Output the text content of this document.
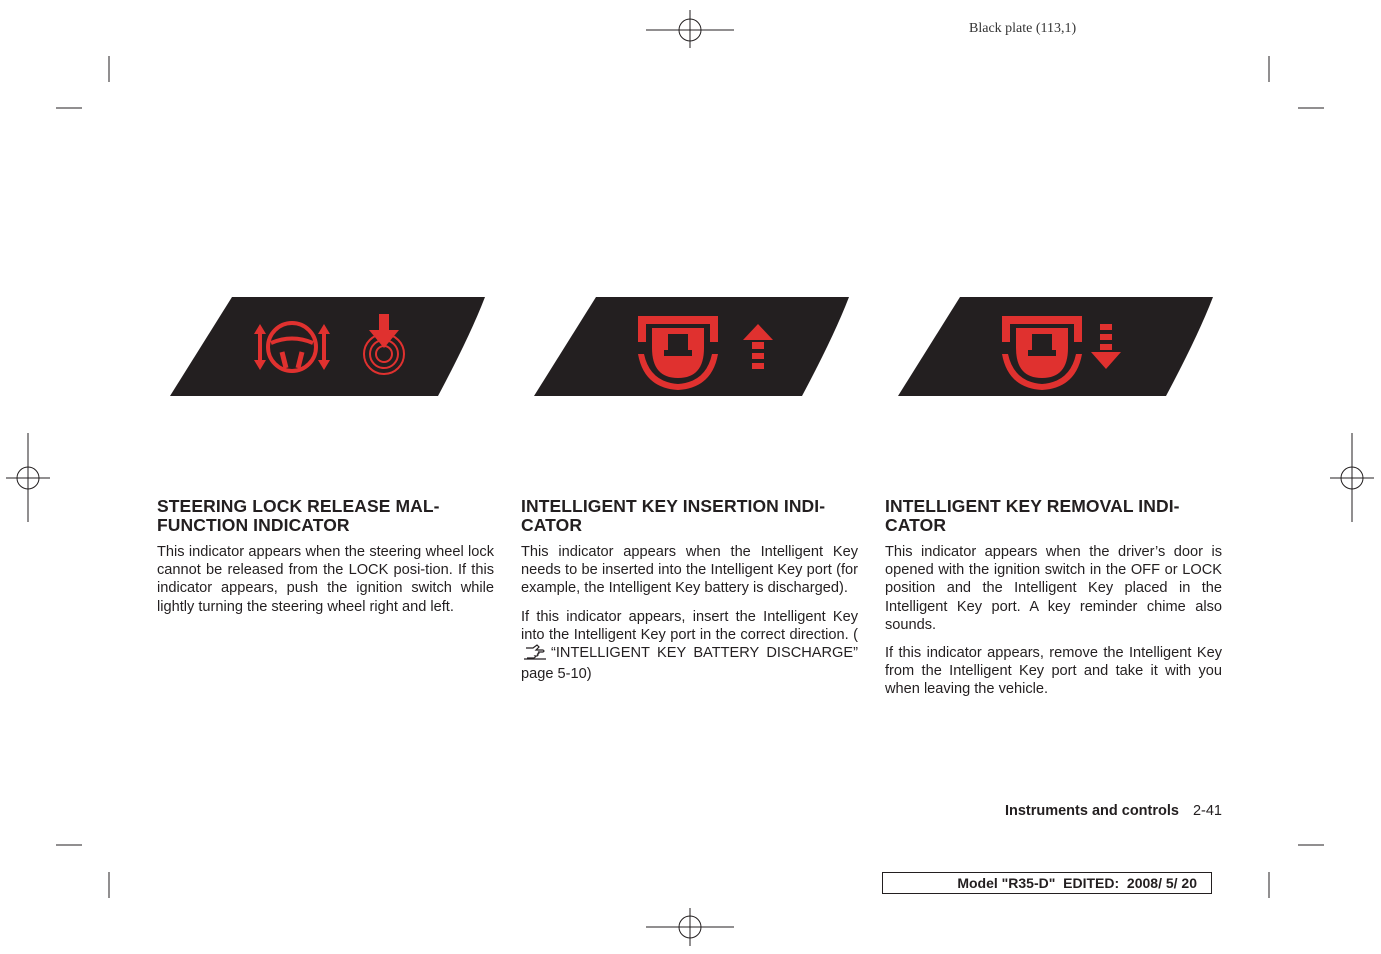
Black plate (113,1)
STEERING LOCK RELEASE MAL-
FUNCTION INDICATOR

This indicator appears when the steering wheel lock cannot be released from the LOCK posi-tion. If this indicator appears, push the ignition switch while lightly turning the steering wheel right and left.

INTELLIGENT KEY INSERTION INDI-
CATOR

This indicator appears when the Intelligent Key needs to be inserted into the Intelligent Key port (for example, the Intelligent Key battery is discharged).

If this indicator appears, insert the Intelligent Key into the Intelligent Key port in the correct direction. (“INTELLIGENT KEY BATTERY DISCHARGE” page 5-10)

INTELLIGENT KEY REMOVAL INDI-
CATOR

This indicator appears when the driver’s door is opened with the ignition switch in the OFF or LOCK position and the Intelligent Key placed in the Intelligent Key port. A key reminder chime also sounds.

If this indicator appears, remove the Intelligent Key from the Intelligent Key port and take it with you when leaving the vehicle.

Instruments and controls 2-41
Model "R35-D"  EDITED:  2008/ 5/ 20
